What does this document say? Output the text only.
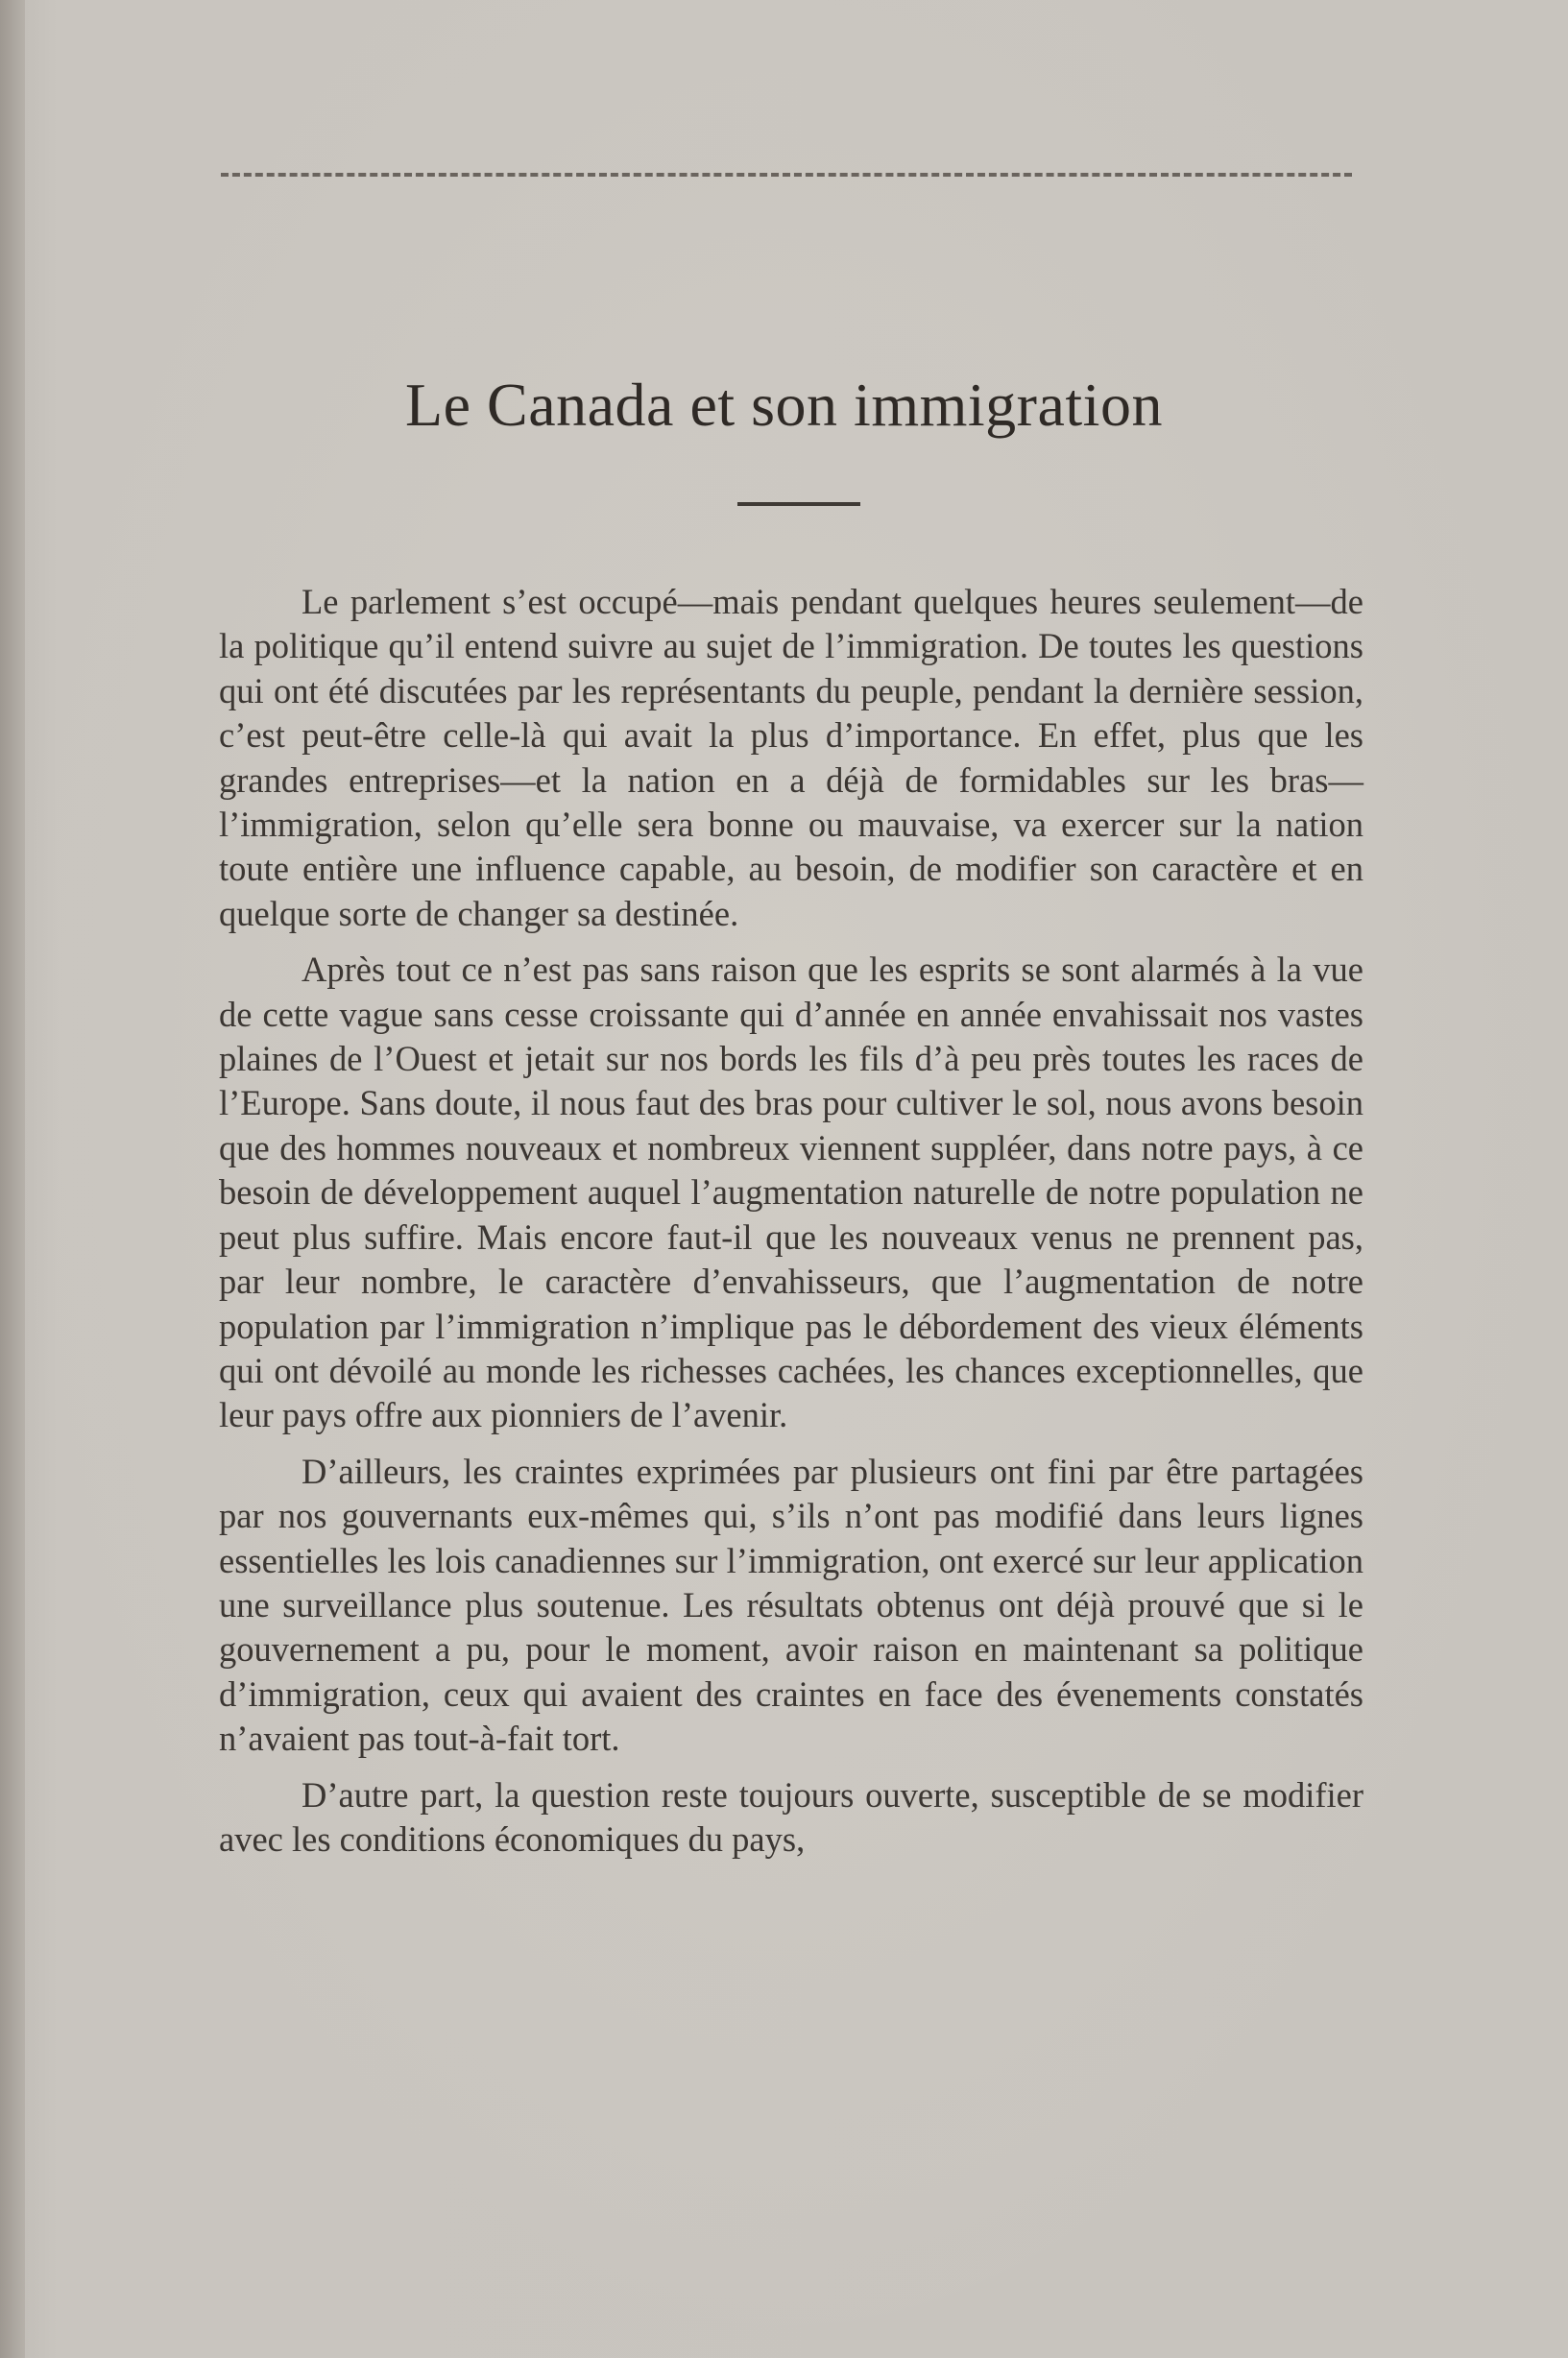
Le Canada et son immigration

Le parlement s’est occupé—mais pendant quelques heures seulement—de la politique qu’il entend suivre au sujet de l’immigration. De toutes les questions qui ont été discutées par les représentants du peuple, pendant la dernière session, c’est peut-être celle-là qui avait la plus d’importance. En effet, plus que les grandes entreprises—et la nation en a déjà de formidables sur les bras—l’immigration, selon qu’elle sera bonne ou mauvaise, va exercer sur la nation toute entière une influence capable, au besoin, de modifier son caractère et en quelque sorte de changer sa destinée.

Après tout ce n’est pas sans raison que les esprits se sont alarmés à la vue de cette vague sans cesse croissante qui d’année en année envahissait nos vastes plaines de l’Ouest et jetait sur nos bords les fils d’à peu près toutes les races de l’Europe. Sans doute, il nous faut des bras pour cultiver le sol, nous avons besoin que des hommes nouveaux et nombreux viennent suppléer, dans notre pays, à ce besoin de développement auquel l’augmentation naturelle de notre population ne peut plus suffire. Mais encore faut-il que les nouveaux venus ne prennent pas, par leur nombre, le caractère d’envahisseurs, que l’augmentation de notre population par l’immigration n’implique pas le débordement des vieux éléments qui ont dévoilé au monde les richesses cachées, les chances exceptionnelles, que leur pays offre aux pionniers de l’avenir.

D’ailleurs, les craintes exprimées par plusieurs ont fini par être partagées par nos gouvernants eux-mêmes qui, s’ils n’ont pas modifié dans leurs lignes essentielles les lois canadiennes sur l’immigration, ont exercé sur leur application une surveillance plus soutenue. Les résultats obtenus ont déjà prouvé que si le gouvernement a pu, pour le moment, avoir raison en maintenant sa politique d’immigration, ceux qui avaient des craintes en face des évenements constatés n’avaient pas tout-à-fait tort.

D’autre part, la question reste toujours ouverte, susceptible de se modifier avec les conditions économiques du pays,
